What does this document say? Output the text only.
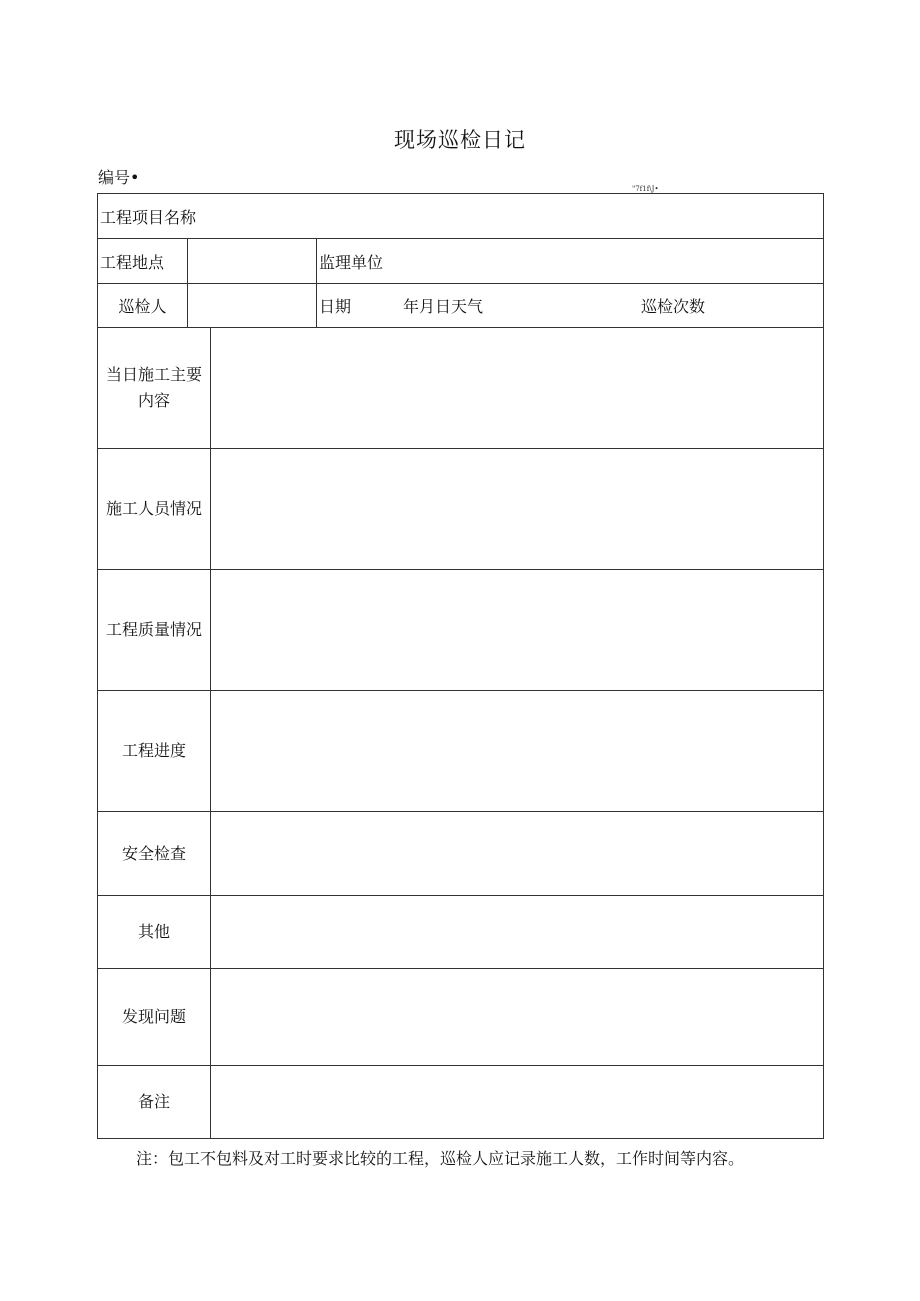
现场巡检日记
编号•
"7f1f\J•
工程项目名称			
工程地点			监理单位
巡检人			日期 年月日天气 巡检次数
当日施工主要
内容			
施工人员情况			
工程质量情况			
工程进度			
安全检查			
其他			
发现问题			
备注			
注：包工不包料及对工时要求比较的工程，巡检人应记录施工人数，工作时间等内容。
